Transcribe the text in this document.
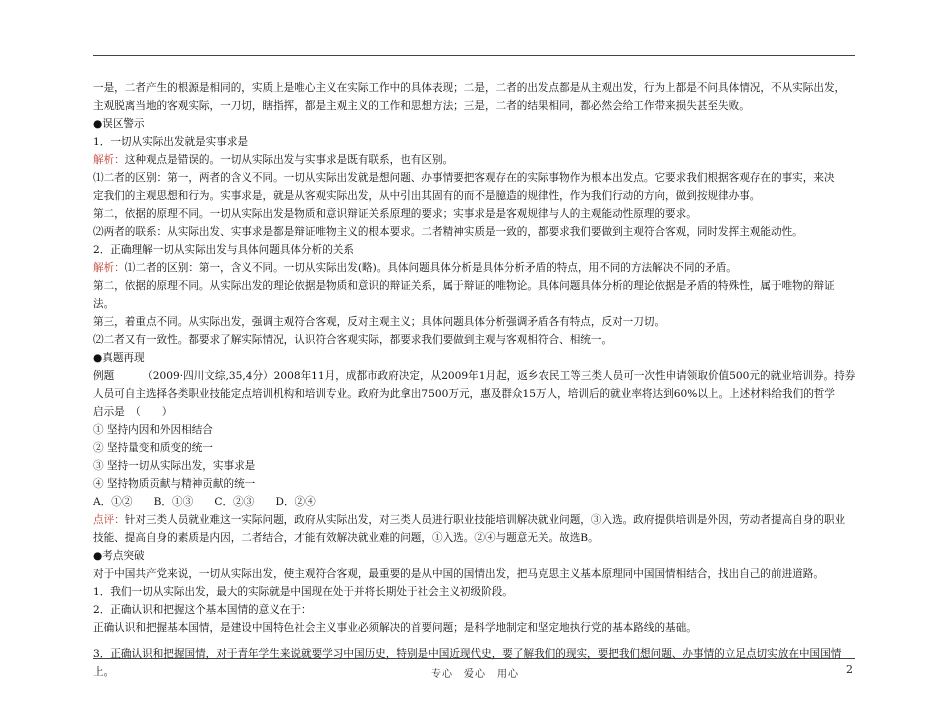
一是，二者产生的根源是相同的，实质上是唯心主义在实际工作中的具体表现；二是，二者的出发点都是从主观出发，行为上都是不问具体情况，不从实际出发，
主观脱离当地的客观实际，一刀切，瞎指挥，都是主观主义的工作和思想方法；三是，二者的结果相同，都必然会给工作带来损失甚至失败。
●误区警示
1．一切从实际出发就是实事求是
解析：这种观点是错误的。一切从实际出发与实事求是既有联系，也有区别。
⑴二者的区别：第一，两者的含义不同。一切从实际出发就是想问题、办事情要把客观存在的实际事物作为根本出发点。它要求我们根据客观存在的事实，来决
定我们的主观思想和行为。实事求是，就是从客观实际出发，从中引出其固有的而不是臆造的规律性，作为我们行动的方向，做到按规律办事。
第二，依据的原理不同。一切从实际出发是物质和意识辩证关系原理的要求；实事求是是客观规律与人的主观能动性原理的要求。
⑵两者的联系：从实际出发、实事求是都是辩证唯物主义的根本要求。二者精神实质是一致的，都要求我们要做到主观符合客观，同时发挥主观能动性。
2．正确理解一切从实际出发与具体问题具体分析的关系
解析：⑴二者的区别：第一，含义不同。一切从实际出发(略)。具体问题具体分析是具体分析矛盾的特点，用不同的方法解决不同的矛盾。
第二，依据的原理不同。从实际出发的理论依据是物质和意识的辩证关系，属于辩证的唯物论。具体问题具体分析的理论依据是矛盾的特殊性，属于唯物的辩证
法。
第三，着重点不同。从实际出发，强调主观符合客观，反对主观主义；具体问题具体分析强调矛盾各有特点，反对一刀切。
⑵二者又有一致性。都要求了解实际情况，认识符合客观实际，都要求我们要做到主观与客观相符合、相统一。
●真题再现
例题	（2009·四川文综,35,4分）2008年11月，成都市政府决定，从2009年1月起，返乡农民工等三类人员可一次性申请领取价值500元的就业培训券。持券
人员可自主选择各类职业技能定点培训机构和培训专业。政府为此拿出7500万元，惠及群众15万人，培训后的就业率将达到60%以上。上述材料给我们的哲学
启示是　（　　）
① 坚持内因和外因相结合
② 坚持量变和质变的统一
③ 坚持一切从实际出发，实事求是
④ 坚持物质贡献与精神贡献的统一
A．①②　　B．①③　　C．②③　　D．②④
点评：针对三类人员就业难这一实际问题，政府从实际出发，对三类人员进行职业技能培训解决就业问题，③入选。政府提供培训是外因，劳动者提高自身的职业
技能、提高自身的素质是内因，二者结合，才能有效解决就业难的问题，①入选。②④与题意无关。故选B。
●考点突破
对于中国共产党来说，一切从实际出发，使主观符合客观，最重要的是从中国的国情出发，把马克思主义基本原理同中国国情相结合，找出自己的前进道路。
1．我们一切从实际出发，最大的实际就是中国现在处于并将长期处于社会主义初级阶段。
2．正确认识和把握这个基本国情的意义在于：
正确认识和把握基本国情，是建设中国特色社会主义事业必须解决的首要问题；是科学地制定和坚定地执行党的基本路线的基础。
3．正确认识和把握国情，对于青年学生来说就要学习中国历史，特别是中国近现代史，要了解我们的现实，要把我们想问题、办事情的立足点切实放在中国国情
上。	专心　爱心　用心	2
